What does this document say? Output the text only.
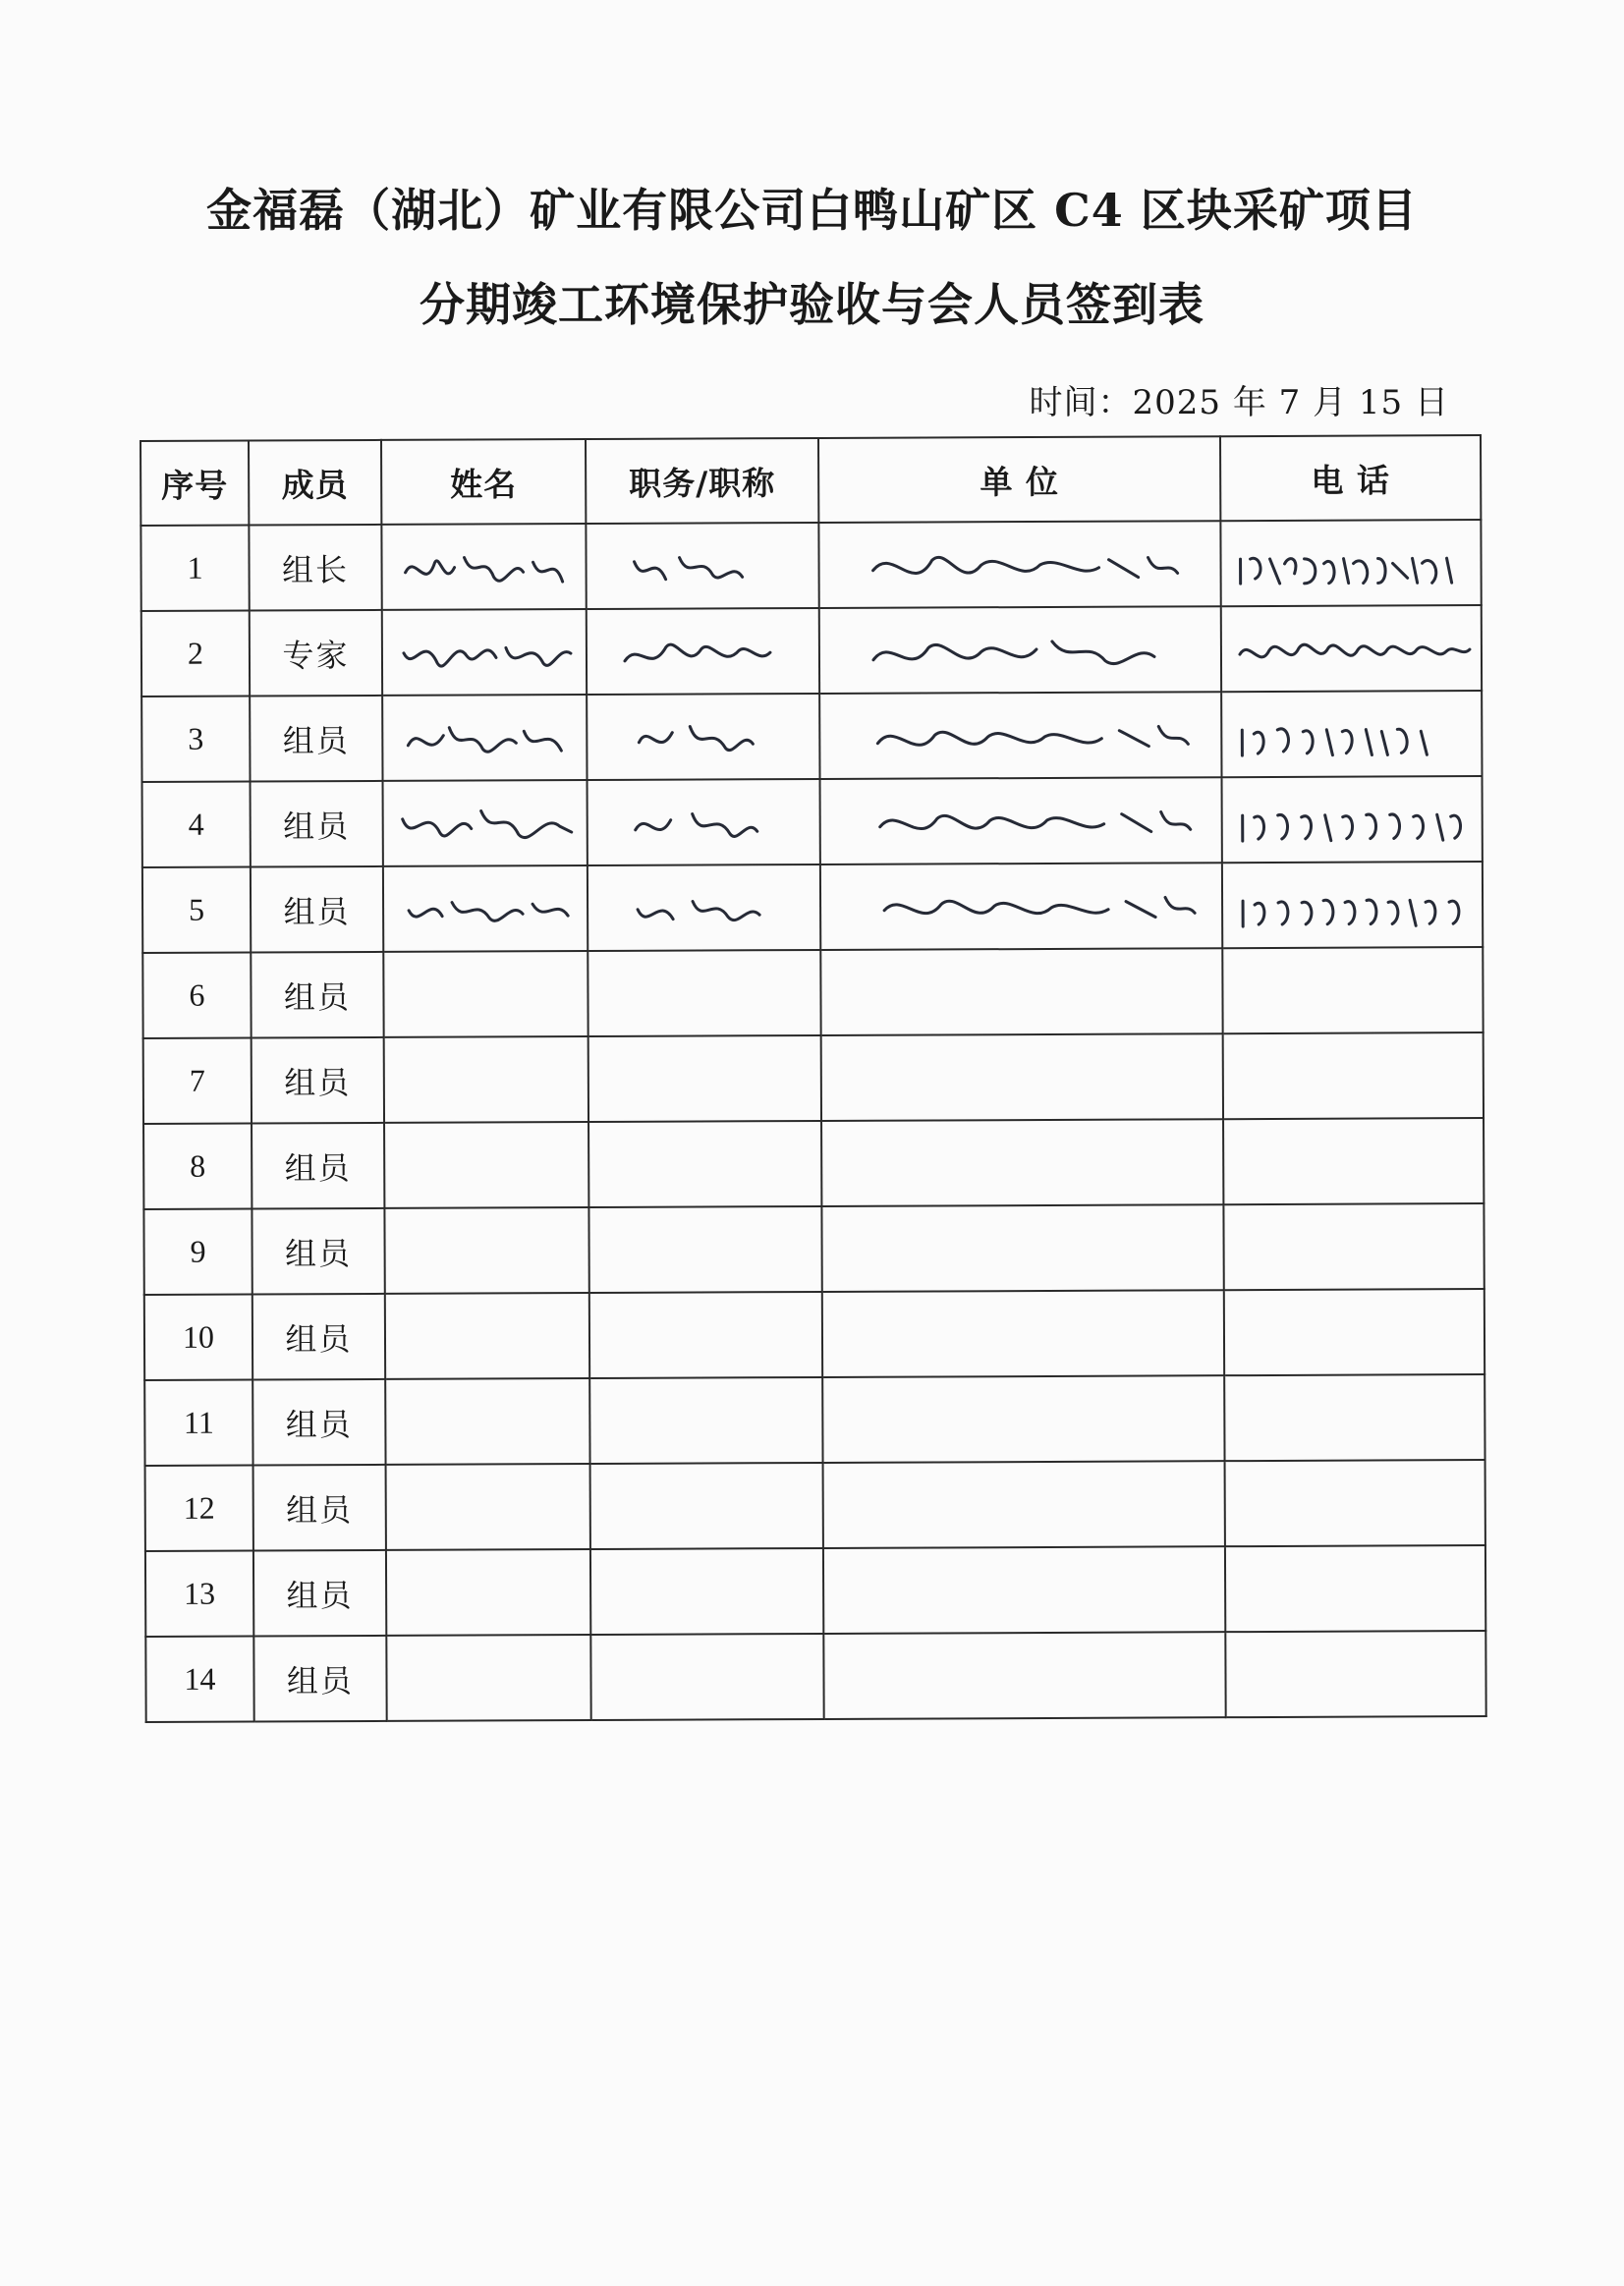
金福磊（湖北）矿业有限公司白鸭山矿区 C4 区块采矿项目
分期竣工环境保护验收与会人员签到表
时间：2025 年 7 月 15 日
序号	成员	姓名	职务/职称	单 位	电 话
1	组长	

2	专家	

3	组员	

4	组员	

5	组员	

6	组员				
7	组员				
8	组员				
9	组员				
10	组员				
11	组员				
12	组员				
13	组员				
14	组员				
